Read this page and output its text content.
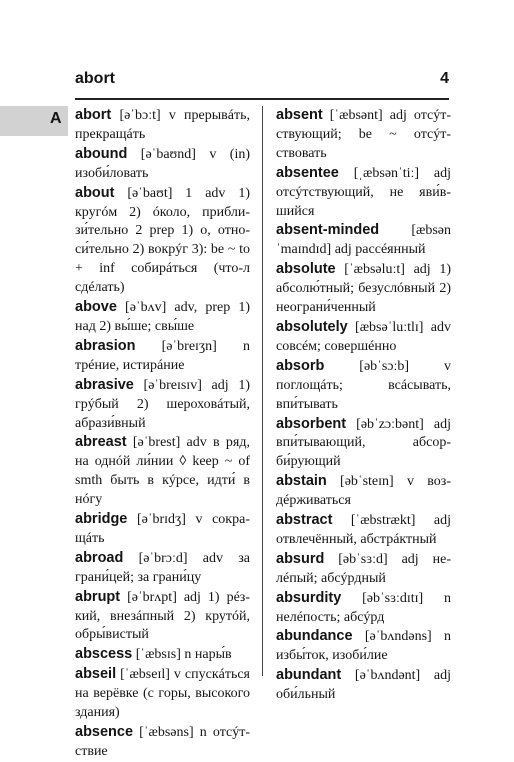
abort	4
A abort [əˈbɔːt] v прерывáть, прекращáть

abound [əˈbaʊnd] v (in) изоби́ловать

about [əˈbaʊt] 1 adv 1) кругóм 2) óколо, приблизи́тельно 2 prep 1) о, относи́тельно 2) вокрýг 3): be ~ to + inf собирáться (что-л сдéлать)

above [əˈbʌv] adv, prep 1) над 2) вы́ше; свы́ше

abrasion [əˈbreɪʒn] n трéние, истирáние

abrasive [əˈbreɪsɪv] adj 1) грýбый 2) шероховáтый, абрази́вный

abreast [əˈbrest] adv в ряд, на однóй ли́нии ◊ keep ~ of smth быть в кýрсе, идти́ в нóгу

abridge [əˈbrɪdʒ] v сокращáть

abroad [əˈbrɔːd] adv за грани́цей; за грани́цу

abrupt [əˈbrʌpt] adj 1) рéзкий, внезáпный 2) крутóй, обры́вистый

abscess [ˈæbsɪs] n нары́в

abseil [ˈæbseɪl] v спускáться на верёвке (с горы, высокого здания)

absence [ˈæbsəns] n отсýтствие

absent [ˈæbsənt] adj отсýтствующий; be ~ отсýтствовать

absentee [ˌæbsənˈtiː] adj отсýтствующий, не яви́вшийся

absent-minded [æbsənˈmaɪndɪd] adj рассéянный

absolute [ˈæbsəluːt] adj 1) абсолю́тный; безуслóвный 2) неограни́ченный

absolutely [æbsəˈluːtlɪ] adv совсéм; совершéнно

absorb [əbˈsɔːb] v поглощáть; всáсывать, впи́тывать

absorbent [əbˈzɔːbənt] adj впи́тывающий, абсорби́рующий

abstain [əbˈsteɪn] v воздéрживаться

abstract [ˈæbstrækt] adj отвлечённый, абстрáктный

absurd [əbˈsɜːd] adj нелéпый; абсýрдный

absurdity [əbˈsɜːdɪtɪ] n нелéпость; абсýрд

abundance [əˈbʌndəns] n избы́ток, изоби́лие

abundant [əˈbʌndənt] adj оби́льный
